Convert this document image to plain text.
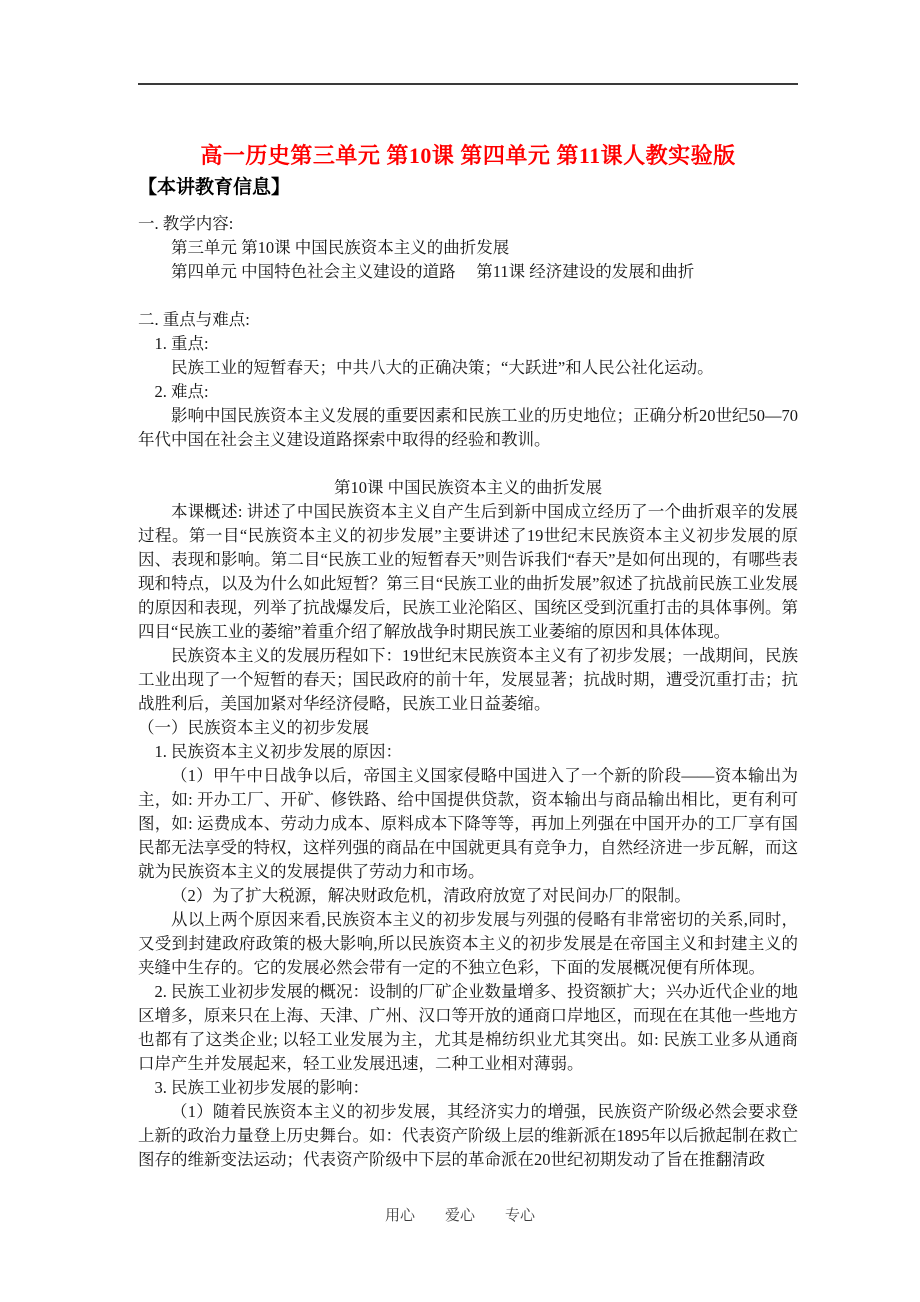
高一历史第三单元 第10课 第四单元 第11课人教实验版
【本讲教育信息】

一. 教学内容:

第三单元 第10课 中国民族资本主义的曲折发展

第四单元 中国特色社会主义建设的道路　 第11课 经济建设的发展和曲折

二. 重点与难点:

1. 重点:

民族工业的短暂春天；中共八大的正确决策；“大跃进”和人民公社化运动。

2. 难点:

影响中国民族资本主义发展的重要因素和民族工业的历史地位；正确分析20世纪50—70年代中国在社会主义建设道路探索中取得的经验和教训。

第10课 中国民族资本主义的曲折发展

本课概述: 讲述了中国民族资本主义自产生后到新中国成立经历了一个曲折艰辛的发展过程。第一目“民族资本主义的初步发展”主要讲述了19世纪末民族资本主义初步发展的原因、表现和影响。第二目“民族工业的短暂春天”则告诉我们“春天”是如何出现的，有哪些表现和特点，以及为什么如此短暂？第三目“民族工业的曲折发展”叙述了抗战前民族工业发展的原因和表现，列举了抗战爆发后，民族工业沦陷区、国统区受到沉重打击的具体事例。第四目“民族工业的萎缩”着重介绍了解放战争时期民族工业萎缩的原因和具体体现。

民族资本主义的发展历程如下：19世纪末民族资本主义有了初步发展；一战期间，民族工业出现了一个短暂的春天；国民政府的前十年，发展显著；抗战时期，遭受沉重打击；抗战胜利后，美国加紧对华经济侵略，民族工业日益萎缩。

（一）民族资本主义的初步发展

1. 民族资本主义初步发展的原因：

（1）甲午中日战争以后，帝国主义国家侵略中国进入了一个新的阶段——资本输出为主，如: 开办工厂、开矿、修铁路、给中国提供贷款，资本输出与商品输出相比，更有利可图，如: 运费成本、劳动力成本、原料成本下降等等，再加上列强在中国开办的工厂享有国民都无法享受的特权，这样列强的商品在中国就更具有竞争力，自然经济进一步瓦解，而这就为民族资本主义的发展提供了劳动力和市场。

（2）为了扩大税源，解决财政危机，清政府放宽了对民间办厂的限制。

从以上两个原因来看,民族资本主义的初步发展与列强的侵略有非常密切的关系,同时，又受到封建政府政策的极大影响,所以民族资本主义的初步发展是在帝国主义和封建主义的夹缝中生存的。它的发展必然会带有一定的不独立色彩，下面的发展概况便有所体现。

2. 民族工业初步发展的概况：设制的厂矿企业数量增多、投资额扩大；兴办近代企业的地区增多，原来只在上海、天津、广州、汉口等开放的通商口岸地区，而现在在其他一些地方也都有了这类企业; 以轻工业发展为主，尤其是棉纺织业尤其突出。如: 民族工业多从通商口岸产生并发展起来，轻工业发展迅速，二种工业相对薄弱。

3. 民族工业初步发展的影响：

（1）随着民族资本主义的初步发展，其经济实力的增强，民族资产阶级必然会要求登上新的政治力量登上历史舞台。如：代表资产阶级上层的维新派在1895年以后掀起制在救亡图存的维新变法运动；代表资产阶级中下层的革命派在20世纪初期发动了旨在推翻清政

用心 爱心 专心
